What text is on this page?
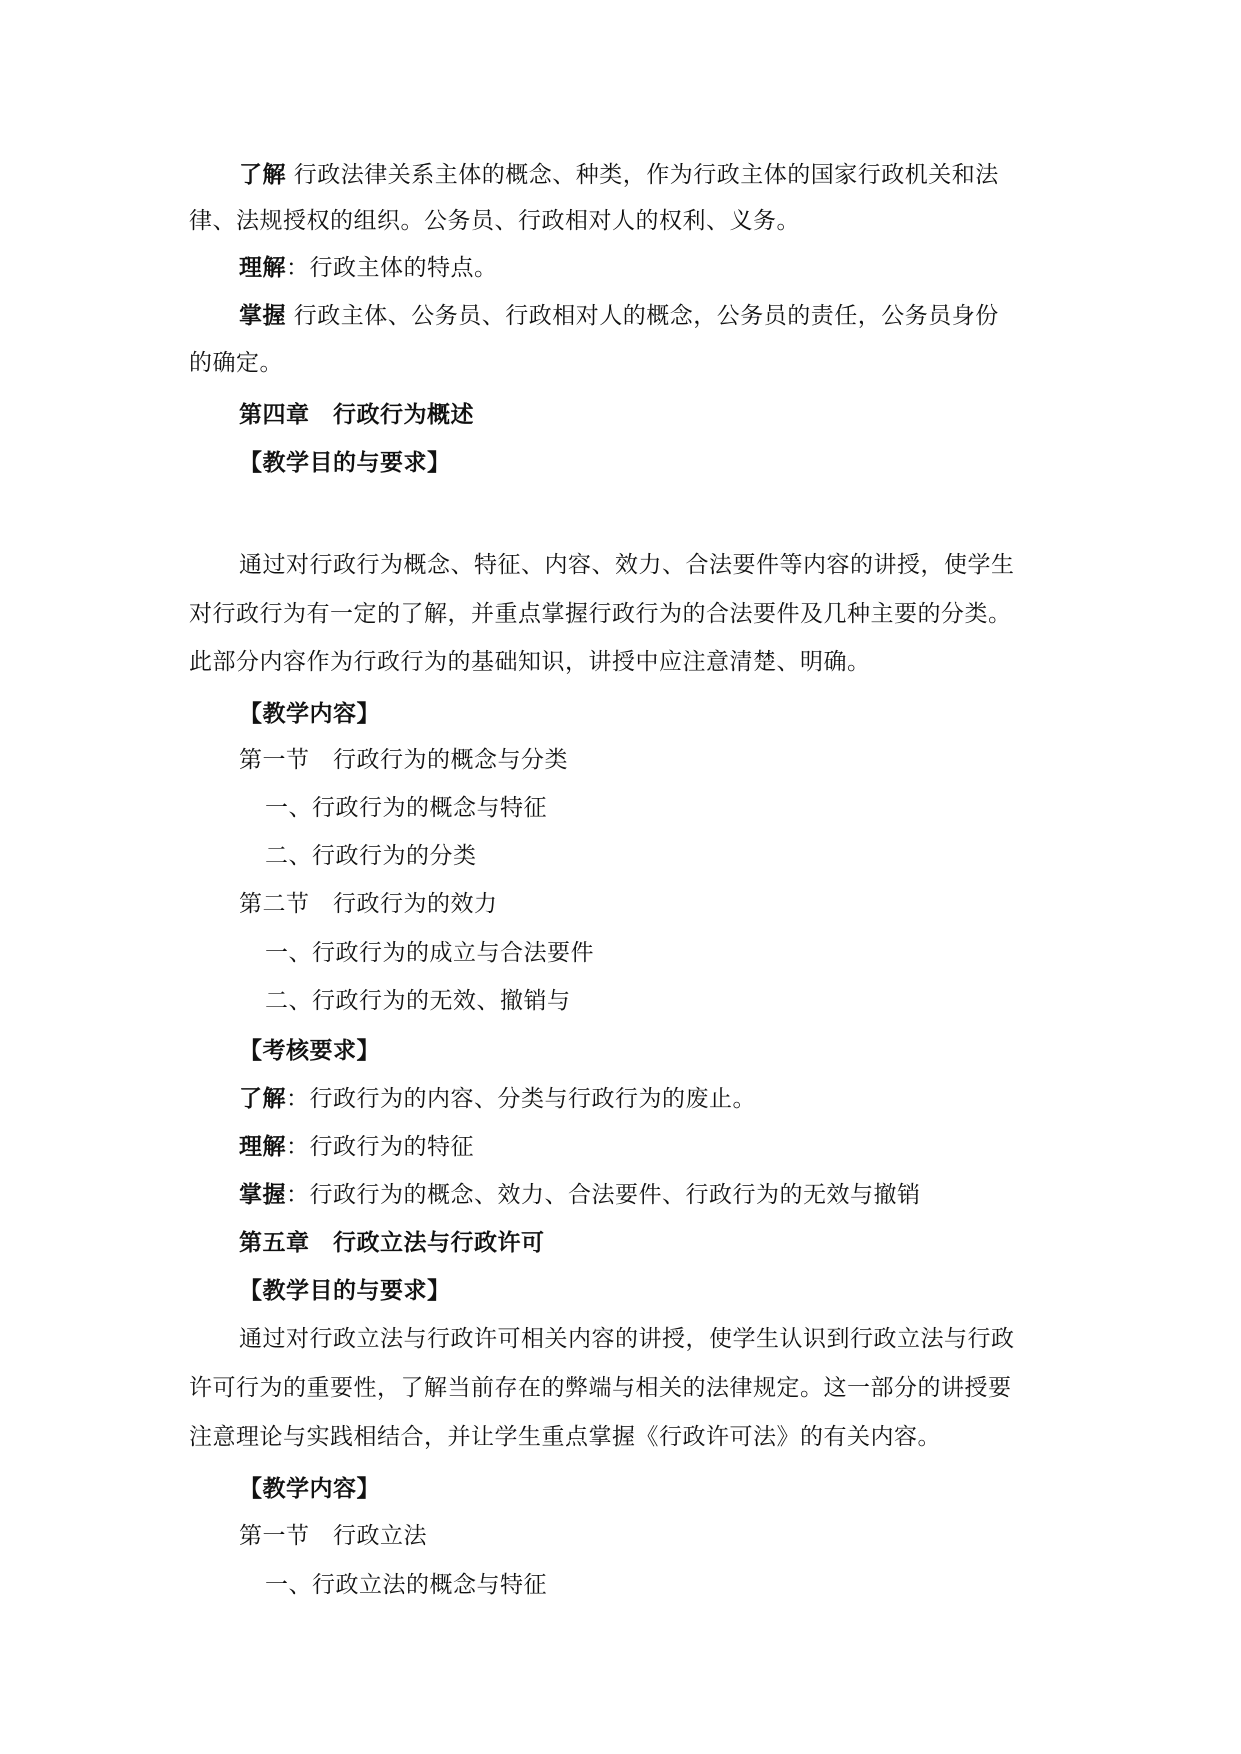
了解 行政法律关系主体的概念、种类，作为行政主体的国家行政机关和法
律、法规授权的组织。公务员、行政相对人的权利、义务。
理解：行政主体的特点。
掌握 行政主体、公务员、行政相对人的概念，公务员的责任，公务员身份
的确定。
第四章　行政行为概述
【教学目的与要求】
通过对行政行为概念、特征、内容、效力、合法要件等内容的讲授，使学生
对行政行为有一定的了解，并重点掌握行政行为的合法要件及几种主要的分类。
此部分内容作为行政行为的基础知识，讲授中应注意清楚、明确。
【教学内容】
第一节　行政行为的概念与分类
一、行政行为的概念与特征
二、行政行为的分类
第二节　行政行为的效力
一、行政行为的成立与合法要件
二、行政行为的无效、撤销与
【考核要求】
了解：行政行为的内容、分类与行政行为的废止。
理解：行政行为的特征
掌握：行政行为的概念、效力、合法要件、行政行为的无效与撤销
第五章　行政立法与行政许可
【教学目的与要求】
通过对行政立法与行政许可相关内容的讲授，使学生认识到行政立法与行政
许可行为的重要性，了解当前存在的弊端与相关的法律规定。这一部分的讲授要
注意理论与实践相结合，并让学生重点掌握《行政许可法》的有关内容。
【教学内容】
第一节　行政立法
一、行政立法的概念与特征
